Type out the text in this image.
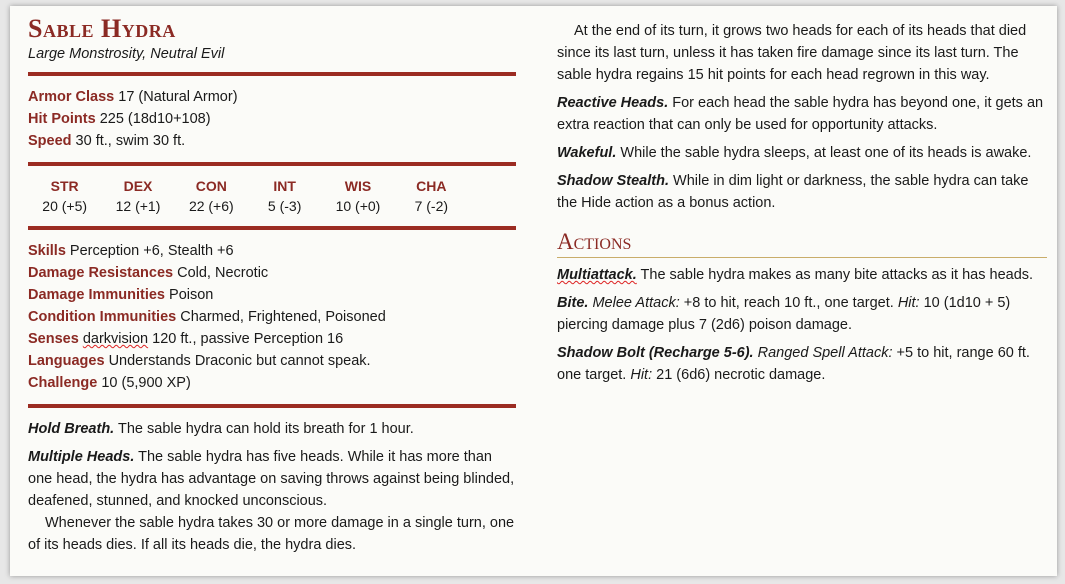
Sable Hydra
Large Monstrosity, Neutral Evil
Armor Class 17 (Natural Armor)
Hit Points 225 (18d10+108)
Speed 30 ft., swim 30 ft.
STR
20 (+5)
DEX
12 (+1)
CON
22 (+6)
INT
5 (-3)
WIS
10 (+0)
CHA
7 (-2)
Skills Perception +6, Stealth +6
Damage Resistances Cold, Necrotic
Damage Immunities Poison
Condition Immunities Charmed, Frightened, Poisoned
Senses darkvision 120 ft., passive Perception 16
Languages Understands Draconic but cannot speak.
Challenge 10 (5,900 XP)
Hold Breath. The sable hydra can hold its breath for 1 hour.
Multiple Heads. The sable hydra has five heads. While it has more than one head, the hydra has advantage on saving throws against being blinded, deafened, stunned, and knocked unconscious.
Whenever the sable hydra takes 30 or more damage in a single turn, one of its heads dies. If all its heads die, the hydra dies.
At the end of its turn, it grows two heads for each of its heads that died since its last turn, unless it has taken fire damage since its last turn. The sable hydra regains 15 hit points for each head regrown in this way.
Reactive Heads. For each head the sable hydra has beyond one, it gets an extra reaction that can only be used for opportunity attacks.
Wakeful. While the sable hydra sleeps, at least one of its heads is awake.
Shadow Stealth. While in dim light or darkness, the sable hydra can take the Hide action as a bonus action.
Actions
Multiattack. The sable hydra makes as many bite attacks as it has heads.
Bite. Melee Attack: +8 to hit, reach 10 ft., one target. Hit: 10 (1d10 + 5) piercing damage plus 7 (2d6) poison damage.
Shadow Bolt (Recharge 5-6). Ranged Spell Attack: +5 to hit, range 60 ft. one target. Hit: 21 (6d6) necrotic damage.
